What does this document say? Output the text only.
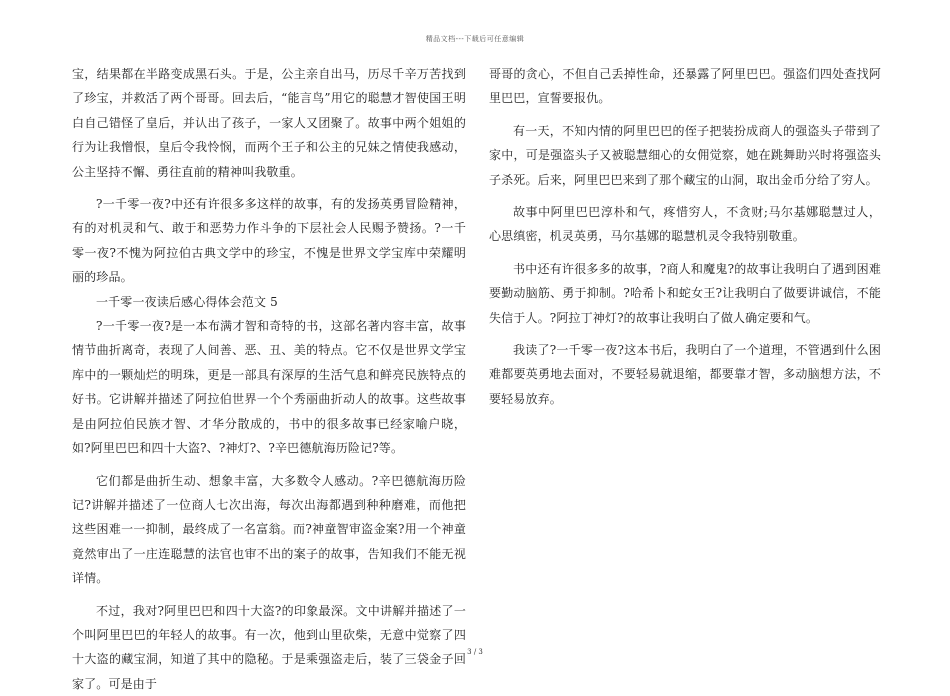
精品文档---下载后可任意编辑

宝，结果都在半路变成黑石头。于是，公主亲自出马，历尽千辛万苦找到了珍宝，并救活了两个哥哥。回去后，“能言鸟”用它的聪慧才智使国王明白自己错怪了皇后，并认出了孩子，一家人又团聚了。故事中两个姐姐的行为让我憎恨，皇后令我怜悯，而两个王子和公主的兄妹之情使我感动，公主坚持不懈、勇往直前的精神叫我敬重。

?一千零一夜?中还有许很多多这样的故事，有的发扬英勇冒险精神，有的对机灵和气、敢于和恶势力作斗争的下层社会人民赐予赞扬。?一千零一夜?不愧为阿拉伯古典文学中的珍宝，不愧是世界文学宝库中荣耀明丽的珍品。

一千零一夜读后感心得体会范文 5

?一千零一夜?是一本布满才智和奇特的书，这部名著内容丰富，故事情节曲折离奇，表现了人间善、恶、丑、美的特点。它不仅是世界文学宝库中的一颗灿烂的明珠，更是一部具有深厚的生活气息和鲜亮民族特点的好书。它讲解并描述了阿拉伯世界一个个秀丽曲折动人的故事。这些故事是由阿拉伯民族才智、才华分散成的，书中的很多故事已经家喻户晓，如?阿里巴巴和四十大盗?、?神灯?、?辛巴德航海历险记?等。

它们都是曲折生动、想象丰富，大多数令人感动。?辛巴德航海历险记?讲解并描述了一位商人七次出海，每次出海都遇到种种磨难，而他把这些困难一一抑制，最终成了一名富翁。而?神童智审盗金案?用一个神童竟然审出了一庄连聪慧的法官也审不出的案子的故事，告知我们不能无视详情。

不过，我对?阿里巴巴和四十大盗?的印象最深。文中讲解并描述了一个叫阿里巴巴的年轻人的故事。有一次，他到山里砍柴，无意中觉察了四十大盗的藏宝洞，知道了其中的隐秘。于是乘强盗走后，装了三袋金子回家了。可是由于

哥哥的贪心，不但自己丢掉性命，还暴露了阿里巴巴。强盗们四处查找阿里巴巴，宣誓要报仇。

有一天，不知内情的阿里巴巴的侄子把装扮成商人的强盗头子带到了家中，可是强盗头子又被聪慧细心的女佣觉察，她在跳舞助兴时将强盗头子杀死。后来，阿里巴巴来到了那个藏宝的山洞，取出金币分给了穷人。

故事中阿里巴巴淳朴和气，疼惜穷人，不贪财;马尔基娜聪慧过人，心思缜密，机灵英勇，马尔基娜的聪慧机灵令我特别敬重。

书中还有许很多多的故事，?商人和魔鬼?的故事让我明白了遇到困难要勤动脑筋、勇于抑制。?哈希卜和蛇女王?让我明白了做要讲诚信，不能失信于人。?阿拉丁神灯?的故事让我明白了做人确定要和气。

我读了?一千零一夜?这本书后，我明白了一个道理，不管遇到什么困难都要英勇地去面对，不要轻易就退缩，都要靠才智，多动脑想方法，不要轻易放弃。

3 / 3
